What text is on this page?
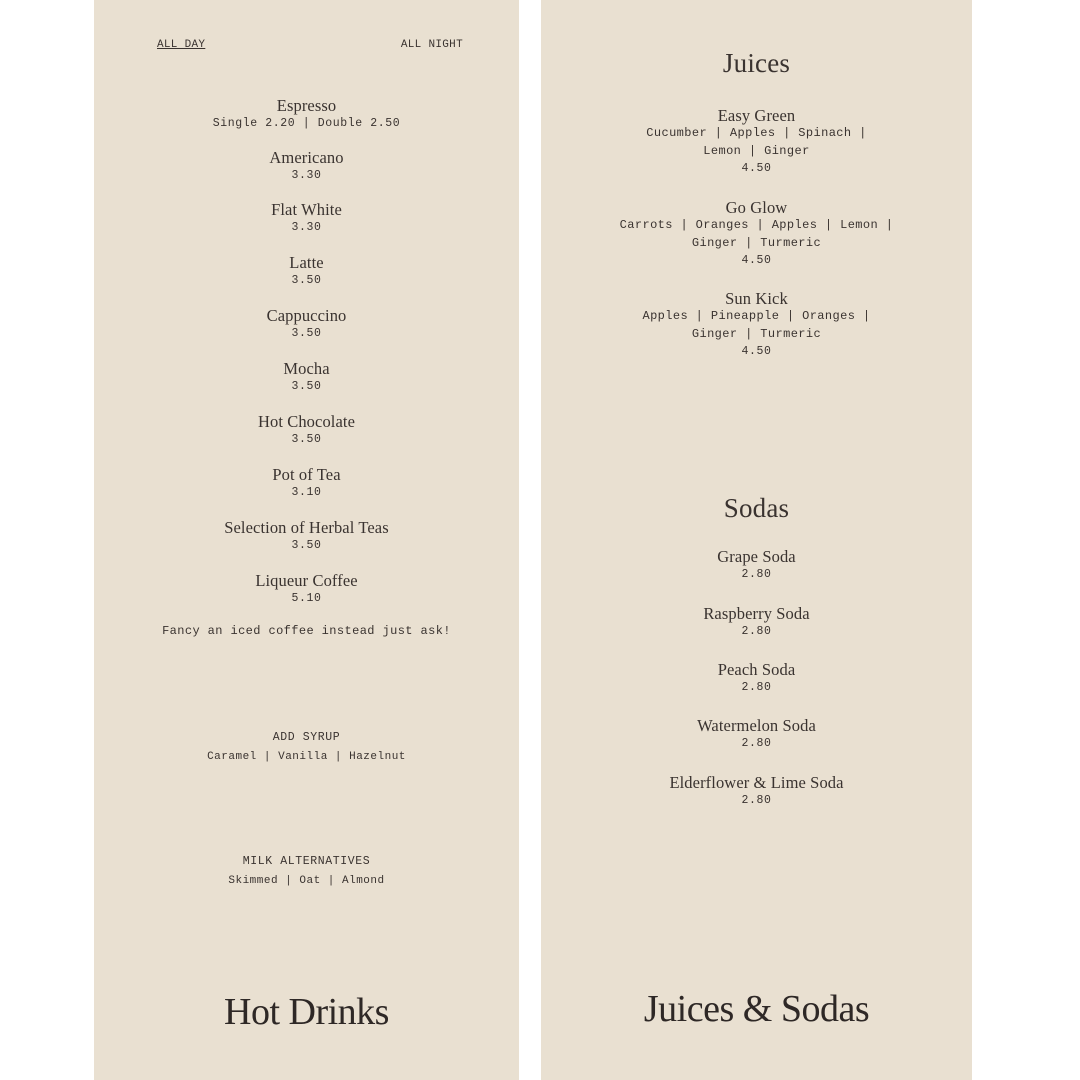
ALL DAY	ALL NIGHT
Espresso
Single 2.20 | Double 2.50
Americano
3.30
Flat White
3.30
Latte
3.50
Cappuccino
3.50
Mocha
3.50
Hot Chocolate
3.50
Pot of Tea
3.10
Selection of Herbal Teas
3.50
Liqueur Coffee
5.10
Fancy an iced coffee instead just ask!
ADD SYRUP
Caramel | Vanilla | Hazelnut
MILK ALTERNATIVES
Skimmed | Oat | Almond
Hot Drinks
Juices
Easy Green
Cucumber | Apples | Spinach |
Lemon | Ginger
4.50
Go Glow
Carrots | Oranges | Apples | Lemon |
Ginger | Turmeric
4.50
Sun Kick
Apples | Pineapple | Oranges |
Ginger | Turmeric
4.50
Sodas
Grape Soda
2.80
Raspberry Soda
2.80
Peach Soda
2.80
Watermelon Soda
2.80
Elderflower & Lime Soda
2.80
Juices & Sodas
